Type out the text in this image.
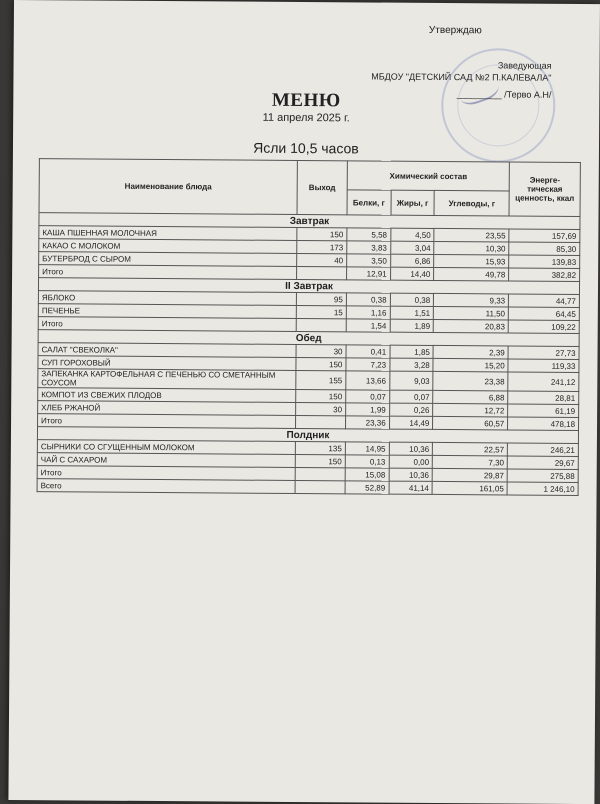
Утверждаю
Заведующая
МБДОУ "ДЕТСКИЙ САД №2 П.КАЛЕВАЛА"
_________ /Терво А.Н/
МЕНЮ
11 апреля 2025 г.
Ясли 10,5 часов
Наименование блюда	Выход	Химический состав			Энерге-тическая ценность, ккал
		Белки, г	Жиры, г	Углеводы, г	
Завтрак					
КАША ПШЕННАЯ МОЛОЧНАЯ	150	5,58	4,50	23,55	157,69
КАКАО С МОЛОКОМ	173	3,83	3,04	10,30	85,30
БУТЕРБРОД С СЫРОМ	40	3,50	6,86	15,93	139,83
Итого		12,91	14,40	49,78	382,82
II Завтрак					
ЯБЛОКО	95	0,38	0,38	9,33	44,77
ПЕЧЕНЬЕ	15	1,16	1,51	11,50	64,45
Итого		1,54	1,89	20,83	109,22
Обед					
САЛАТ "СВЕКОЛКА"	30	0,41	1,85	2,39	27,73
СУП ГОРОХОВЫЙ	150	7,23	3,28	15,20	119,33
ЗАПЕКАНКА КАРТОФЕЛЬНАЯ С ПЕЧЕНЬЮ СО СМЕТАННЫМ СОУСОМ	155	13,66	9,03	23,38	241,12
КОМПОТ ИЗ СВЕЖИХ ПЛОДОВ	150	0,07	0,07	6,88	28,81
ХЛЕБ РЖАНОЙ	30	1,99	0,26	12,72	61,19
Итого		23,36	14,49	60,57	478,18
Полдник					
СЫРНИКИ СО СГУЩЕННЫМ МОЛОКОМ	135	14,95	10,36	22,57	246,21
ЧАЙ С САХАРОМ	150	0,13	0,00	7,30	29,67
Итого		15,08	10,36	29,87	275,88
Всего		52,89	41,14	161,05	1 246,10
